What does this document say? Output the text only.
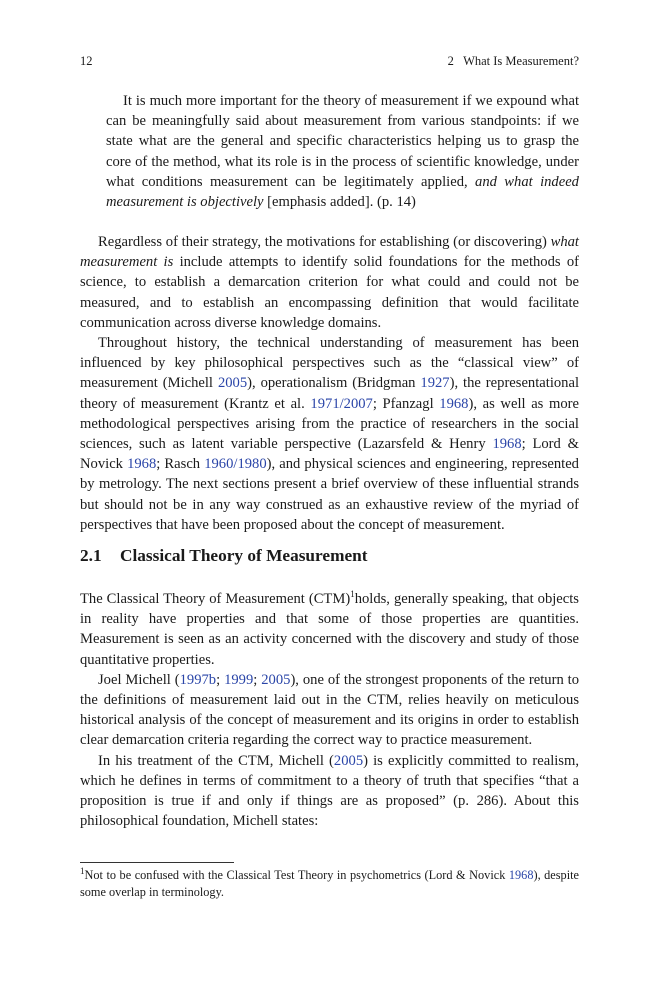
12	2   What Is Measurement?

It is much more important for the theory of measurement if we expound what can be meaningfully said about measurement from various standpoints: if we state what are the general and specific characteristics helping us to grasp the core of the method, what its role is in the process of scientific knowledge, under what conditions measurement can be legitimately applied, and what indeed measurement is objectively [emphasis added]. (p. 14)

Regardless of their strategy, the motivations for establishing (or discovering) what measurement is include attempts to identify solid foundations for the methods of science, to establish a demarcation criterion for what could and could not be measured, and to establish an encompassing definition that would facilitate communication across diverse knowledge domains.

Throughout history, the technical understanding of measurement has been influenced by key philosophical perspectives such as the “classical view” of measurement (Michell 2005), operationalism (Bridgman 1927), the representational theory of measurement (Krantz et al. 1971/2007; Pfanzagl 1968), as well as more methodological perspectives arising from the practice of researchers in the social sciences, such as latent variable perspective (Lazarsfeld & Henry 1968; Lord & Novick 1968; Rasch 1960/1980), and physical sciences and engineering, represented by metrology. The next sections present a brief overview of these influential strands but should not be in any way construed as an exhaustive review of the myriad of perspectives that have been proposed about the concept of measurement.

2.1 Classical Theory of Measurement

The Classical Theory of Measurement (CTM)$^1$holds, generally speaking, that objects in reality have properties and that some of those properties are quantities. Measurement is seen as an activity concerned with the discovery and study of those quantitative properties.

Joel Michell (1997b; 1999; 2005), one of the strongest proponents of the return to the definitions of measurement laid out in the CTM, relies heavily on meticulous historical analysis of the concept of measurement and its origins in order to establish clear demarcation criteria regarding the correct way to practice measurement.

In his treatment of the CTM, Michell (2005) is explicitly committed to realism, which he defines in terms of commitment to a theory of truth that specifies “that a proposition is true if and only if things are as proposed” (p. 286). About this philosophical foundation, Michell states:

$^1$Not to be confused with the Classical Test Theory in psychometrics (Lord & Novick 1968), despite some overlap in terminology.
